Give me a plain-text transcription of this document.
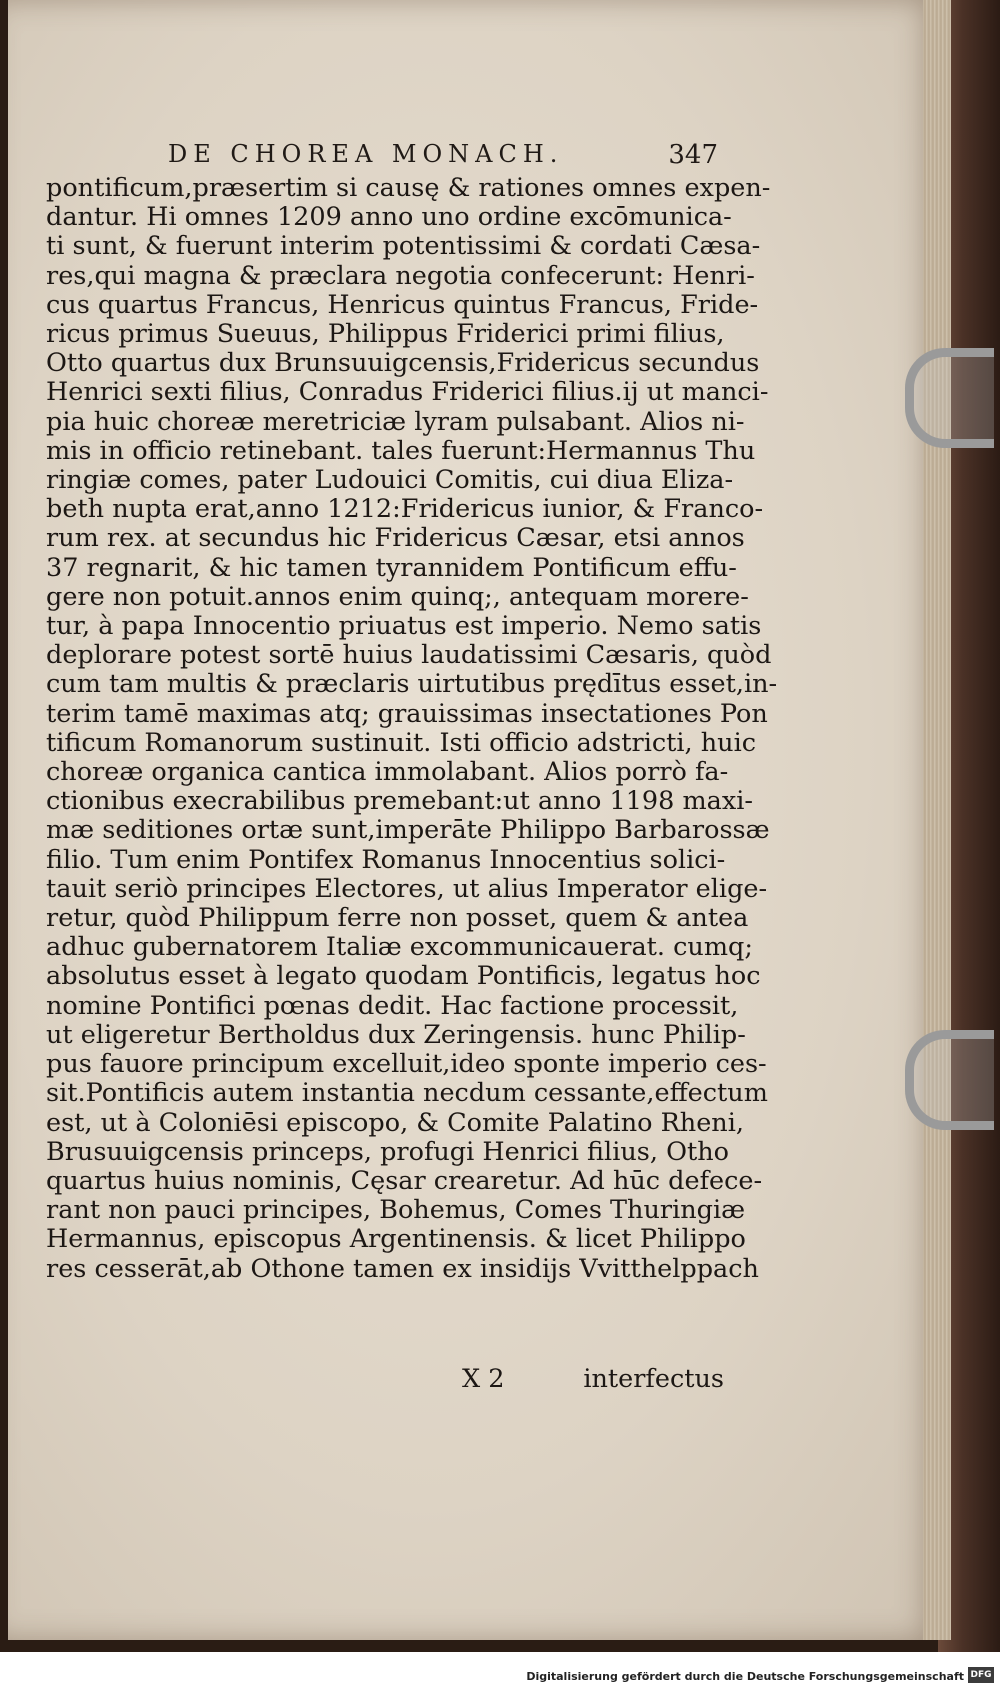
DE CHOREA MONACH.	347
pontificum,præsertim si causę & rationes omnes expen-
dantur. Hi omnes 1209 anno uno ordine excōmunica-
ti sunt, & fuerunt interim potentissimi & cordati Cæsa-
res,qui magna & præclara negotia confecerunt: Henri-
cus quartus Francus, Henricus quintus Francus, Fride-
ricus primus Sueuus, Philippus Friderici primi filius,
Otto quartus dux Brunsuuigcensis,Fridericus secundus
Henrici sexti filius, Conradus Friderici filius.ij ut manci-
pia huic choreæ meretriciæ lyram pulsabant. Alios ni-
mis in officio retinebant. tales fuerunt:Hermannus Thu
ringiæ comes, pater Ludouici Comitis, cui diua Eliza-
beth nupta erat,anno 1212:Fridericus iunior, & Franco-
rum rex. at secundus hic Fridericus Cæsar, etsi annos
37 regnarit, & hic tamen tyrannidem Pontificum effu-
gere non potuit.annos enim quinq;, antequam morere-
tur, à papa Innocentio priuatus est imperio. Nemo satis
deplorare potest sortē huius laudatissimi Cæsaris, quòd
cum tam multis & præclaris uirtutibus prędītus esset,in-
terim tamē maximas atq; grauissimas insectationes Pon
tificum Romanorum sustinuit. Isti officio adstricti, huic
choreæ organica cantica immolabant. Alios porrò fa-
ctionibus execrabilibus premebant:ut anno 1198 maxi-
mæ seditiones ortæ sunt,imperāte Philippo Barbarossæ
filio. Tum enim Pontifex Romanus Innocentius solici-
tauit seriò principes Electores, ut alius Imperator elige-
retur, quòd Philippum ferre non posset, quem & antea
adhuc gubernatorem Italiæ excommunicauerat. cumq;
absolutus esset à legato quodam Pontificis, legatus hoc
nomine Pontifici pœnas dedit. Hac factione processit,
ut eligeretur Bertholdus dux Zeringensis. hunc Philip-
pus fauore principum excelluit,ideo sponte imperio ces-
sit.Pontificis autem instantia necdum cessante,effectum
est, ut à Coloniēsi episcopo, & Comite Palatino Rheni,
Brusuuigcensis princeps, profugi Henrici filius, Otho
quartus huius nominis, Cęsar crearetur. Ad hūc defece-
rant non pauci principes, Bohemus, Comes Thuringiæ
Hermannus, episcopus Argentinensis. & licet Philippo
res cesserāt,ab Othone tamen ex insidijs Vvitthelppach
X 2	interfectus
Digitalisierung gefördert durch die Deutsche Forschungsgemeinschaft DFG
